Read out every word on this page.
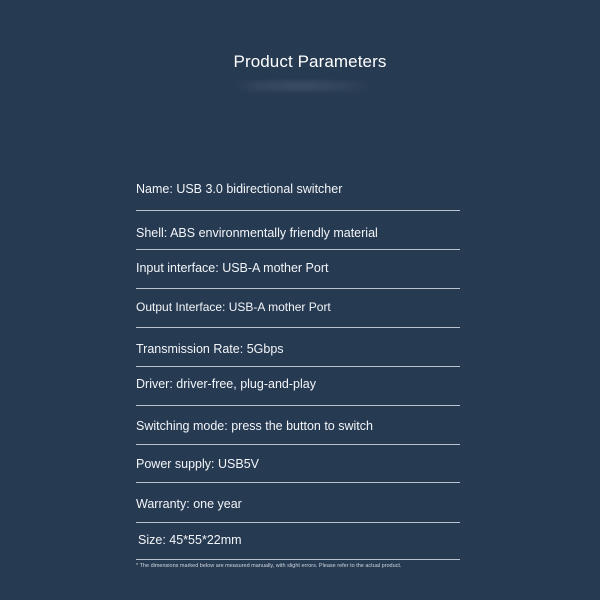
Product Parameters
Name: USB 3.0 bidirectional switcher
Shell: ABS environmentally friendly material
Input interface: USB-A mother Port
Output Interface: USB-A mother Port
Transmission Rate: 5Gbps
Driver: driver-free, plug-and-play
Switching mode: press the button to switch
Power supply: USB5V
Warranty: one year
Size: 45*55*22mm
* The dimensions marked below are measured manually, with slight errors. Please refer to the actual product.
